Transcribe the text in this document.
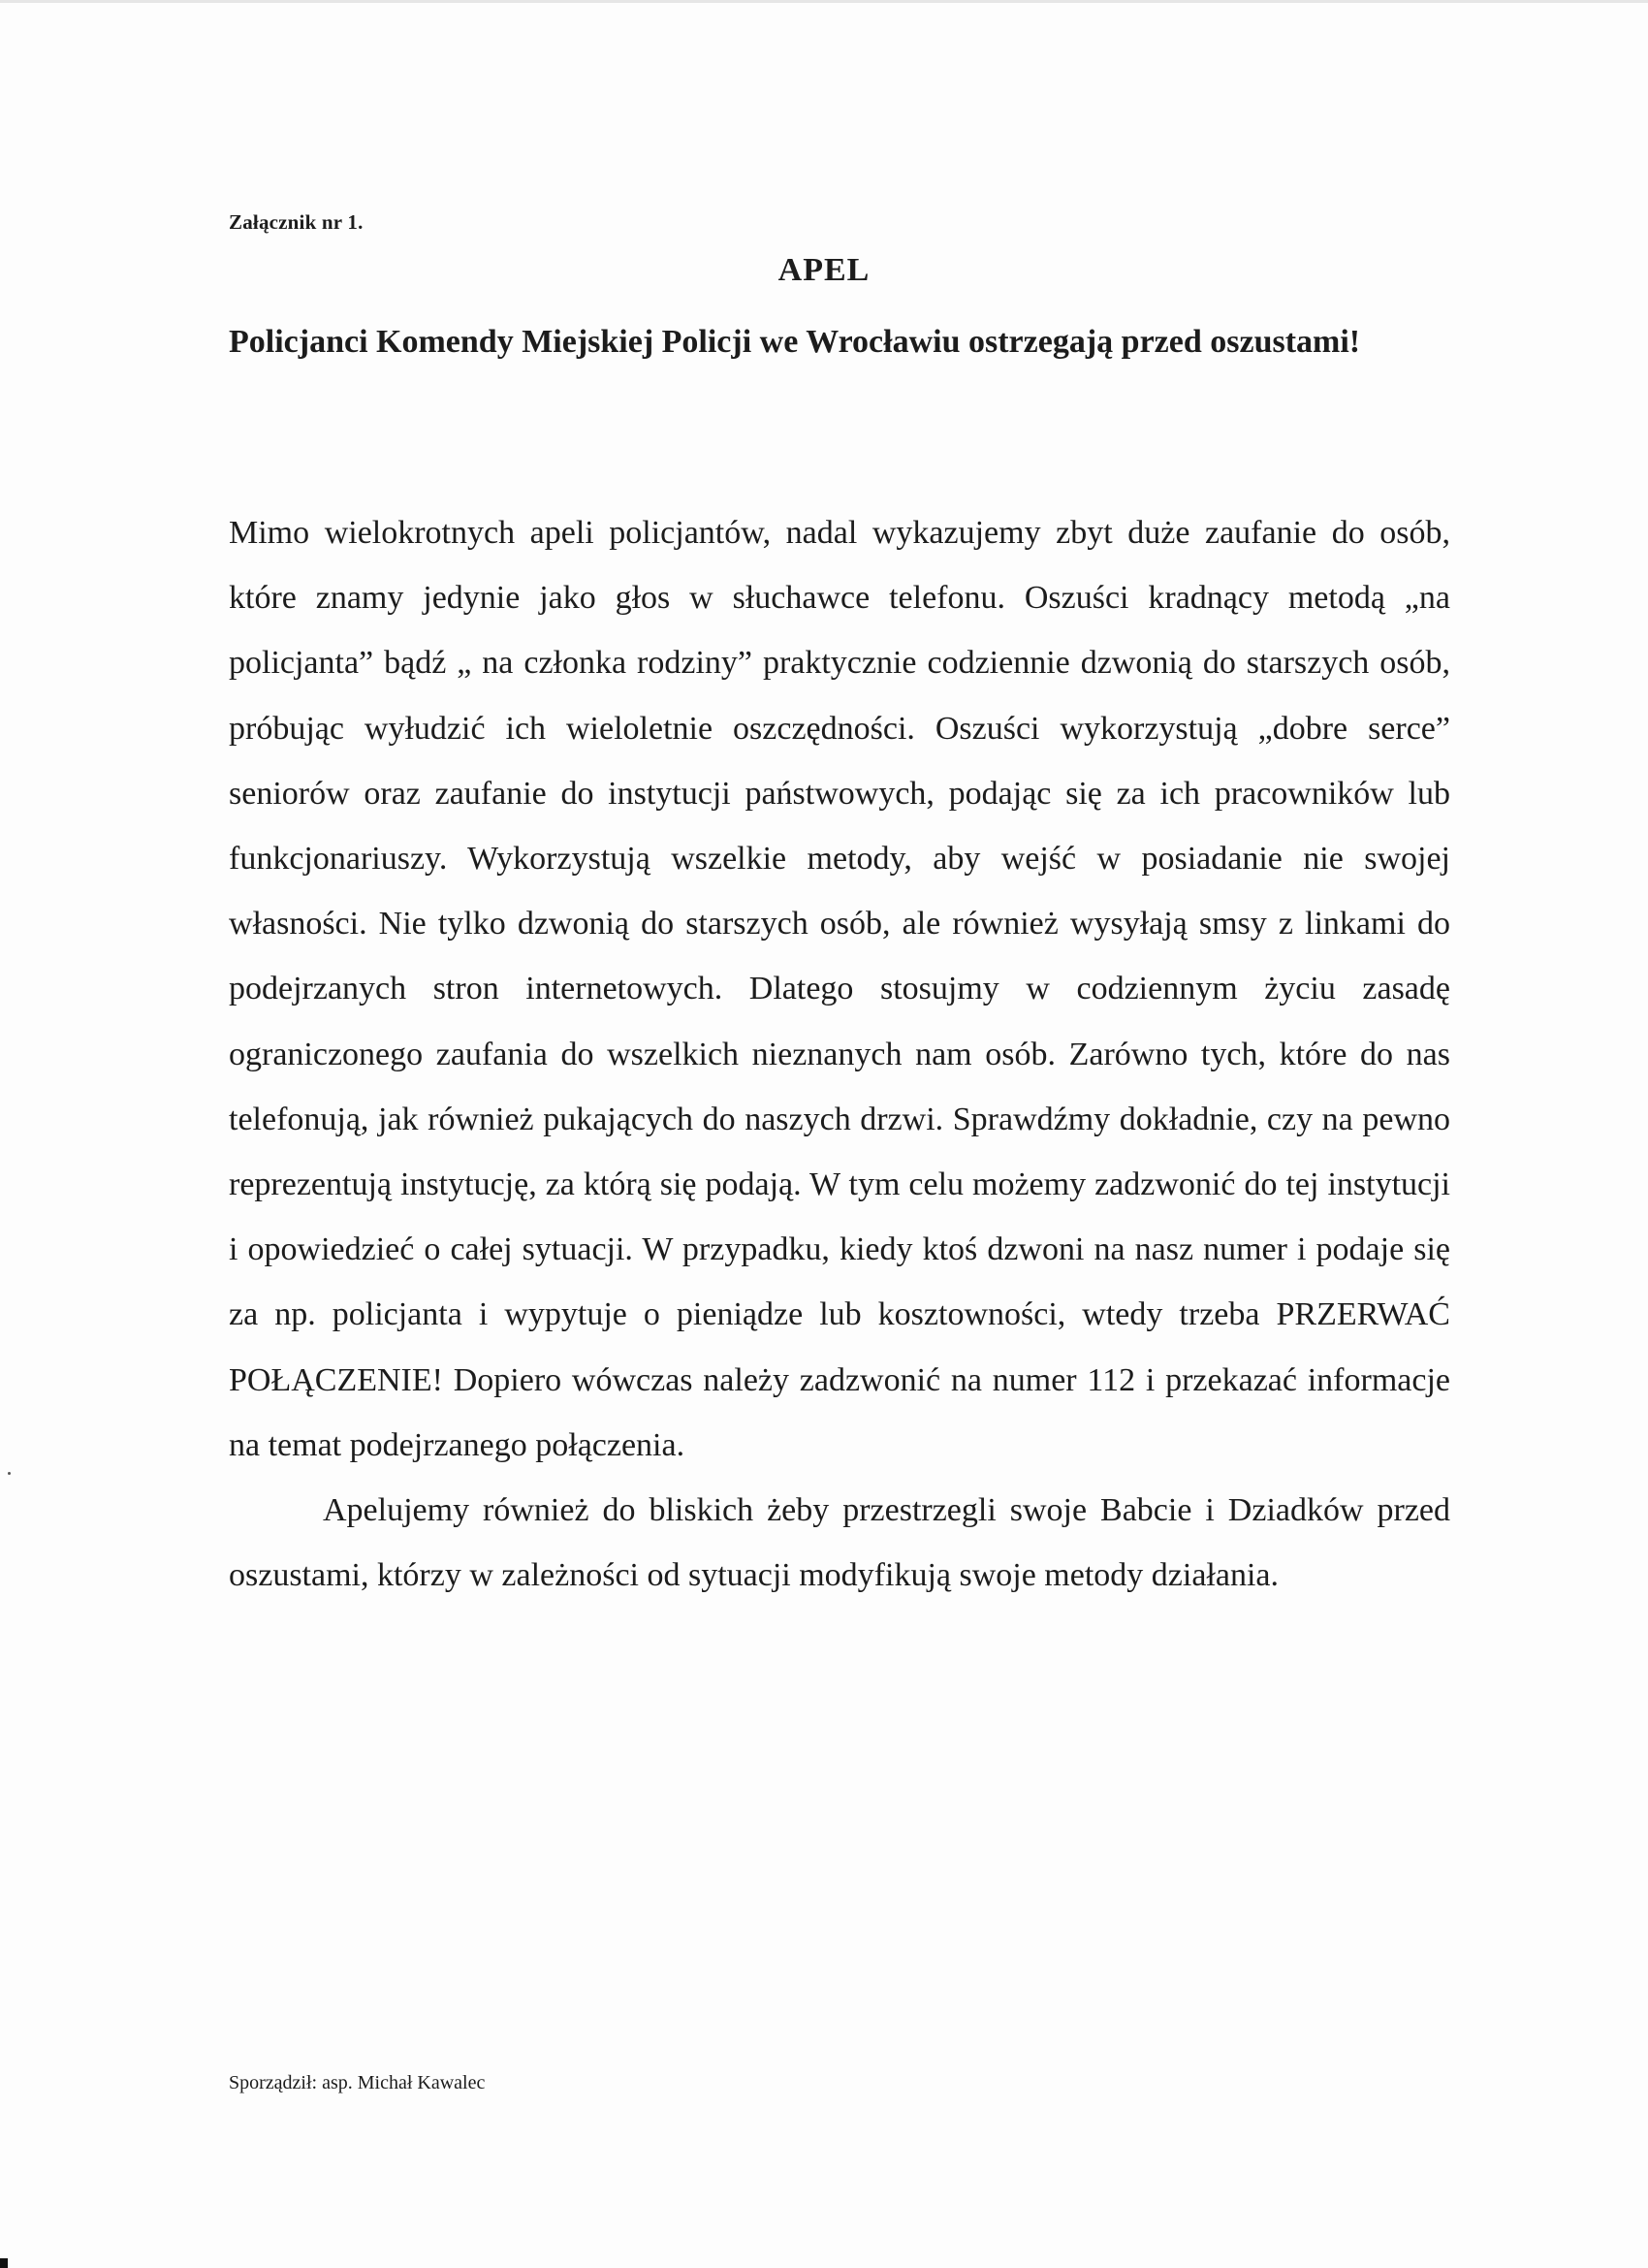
Załącznik nr 1.
APEL
Policjanci Komendy Miejskiej Policji we Wrocławiu ostrzegają przed oszustami!

Mimo wielokrotnych apeli policjantów, nadal wykazujemy zbyt duże zaufanie do osób, które znamy jedynie jako głos w słuchawce telefonu. Oszuści kradnący metodą „na policjanta” bądź „ na członka rodziny” praktycznie codziennie dzwonią do starszych osób, próbując wyłudzić ich wieloletnie oszczędności. Oszuści wykorzystują „dobre serce” seniorów oraz zaufanie do instytucji państwowych, podając się za ich pracowników lub funkcjonariuszy. Wykorzystują wszelkie metody, aby wejść w posiadanie nie swojej własności. Nie tylko dzwonią do starszych osób, ale również wysyłają smsy z linkami do podejrzanych stron internetowych. Dlatego stosujmy w codziennym życiu zasadę ograniczonego zaufania do wszelkich nieznanych nam osób. Zarówno tych, które do nas telefonują, jak również pukających do naszych drzwi. Sprawdźmy dokładnie, czy na pewno reprezentują instytucję, za którą się podają. W tym celu możemy zadzwonić do tej instytucji i opowiedzieć o całej sytuacji. W przypadku, kiedy ktoś dzwoni na nasz numer i podaje się za np. policjanta i wypytuje o pieniądze lub kosztowności, wtedy trzeba PRZERWAĆ POŁĄCZENIE! Dopiero wówczas należy zadzwonić na numer 112 i przekazać informacje na temat podejrzanego połączenia.

Apelujemy również do bliskich żeby przestrzegli swoje Babcie i Dziadków przed oszustami, którzy w zależności od sytuacji modyfikują swoje metody działania.

Sporządził: asp. Michał Kawalec
